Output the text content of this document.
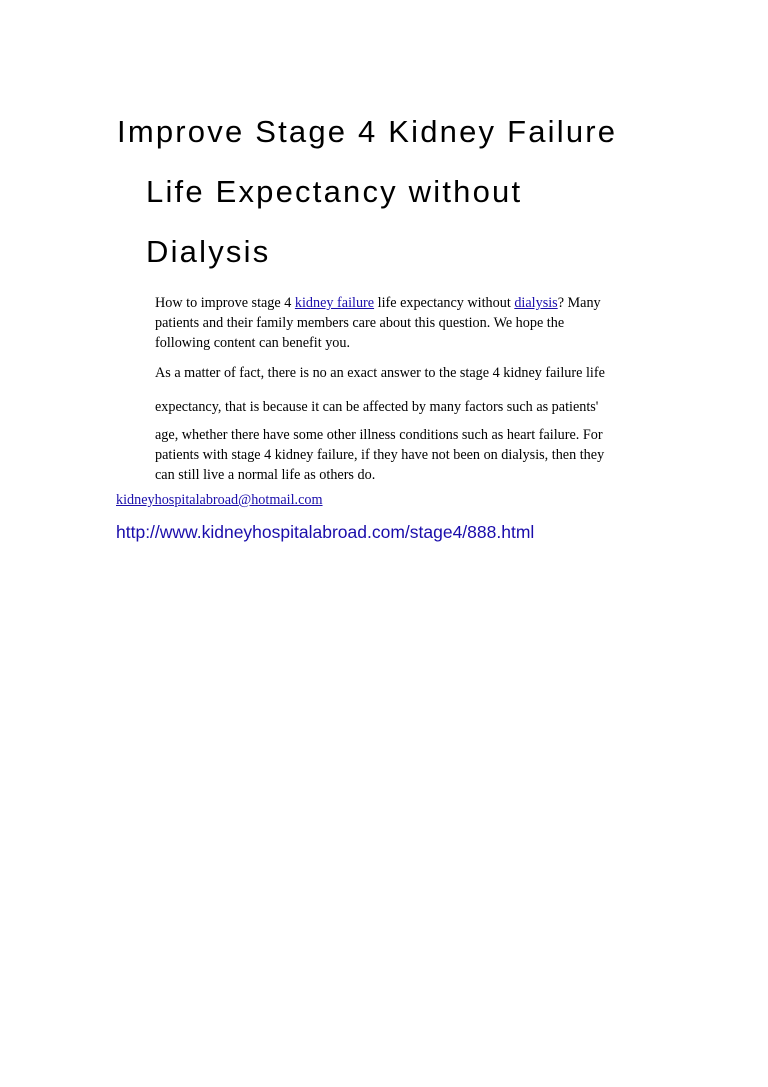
Improve Stage 4 Kidney Failure
Life Expectancy without
Dialysis
How to improve stage 4 kidney failure life expectancy without dialysis? Many
patients and their family members care about this question. We hope the
following content can benefit you.
As a matter of fact, there is no an exact answer to the stage 4 kidney failure life
expectancy, that is because it can be affected by many factors such as patients'
age, whether there have some other illness conditions such as heart failure. For
patients with stage 4 kidney failure, if they have not been on dialysis, then they
can still live a normal life as others do.
kidneyhospitalabroad@hotmail.com
http://www.kidneyhospitalabroad.com/stage4/888.html
